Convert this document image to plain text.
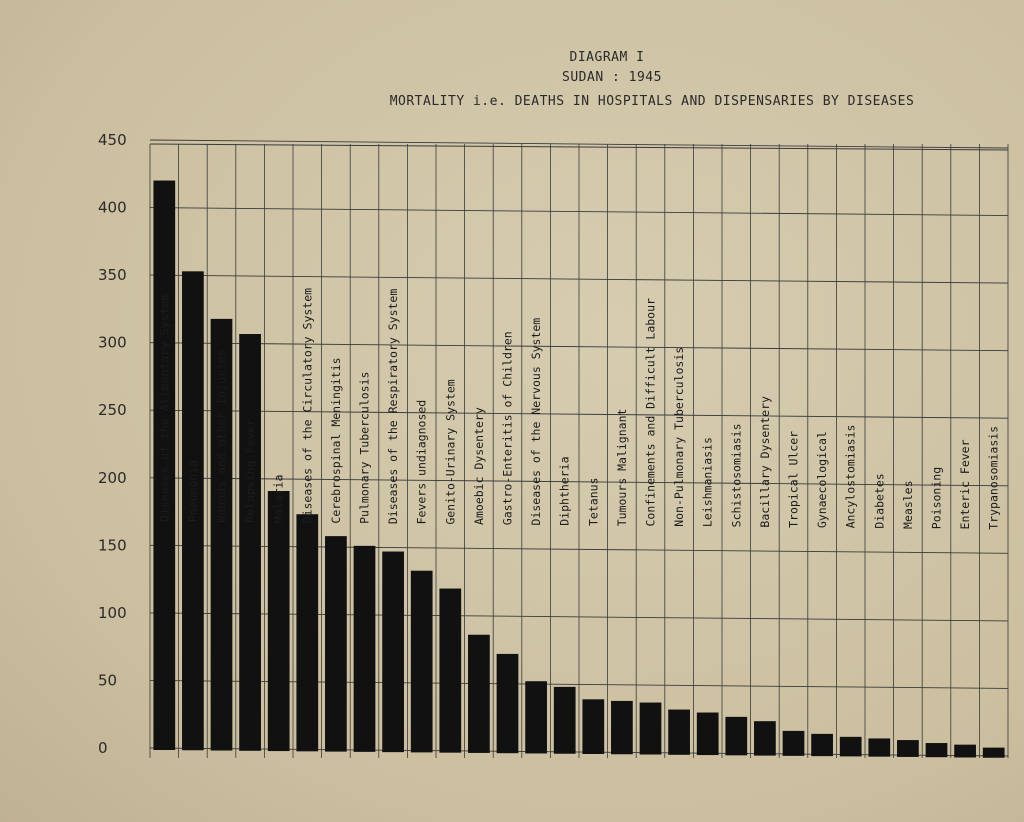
DIAGRAM I
SUDAN : 1945
MORTALITY i.e. DEATHS IN HOSPITALS AND DISPENSARIES BY DISEASES
0
50
100
150
200
250
300
350
400
450
Diseases of the Alimentary System Pneumonia Wounds and other injuries Relapsing Fever Malaria Diseases of the Circulatory System Cerebrospinal Meningitis Pulmonary Tuberculosis Diseases of the Respiratory System Fevers undiagnosed Genito-Urinary System Amoebic Dysentery Gastro-Enteritis of Children Diseases of the Nervous System Diphtheria Tetanus Tumours Malignant Confinements and Difficult Labour Non-Pulmonary Tuberculosis Leishmaniasis Schistosomiasis Bacillary Dysentery Tropical Ulcer Gynaecological Ancylostomiasis Diabetes Measles Poisoning Enteric Fever Trypanosomiasis
